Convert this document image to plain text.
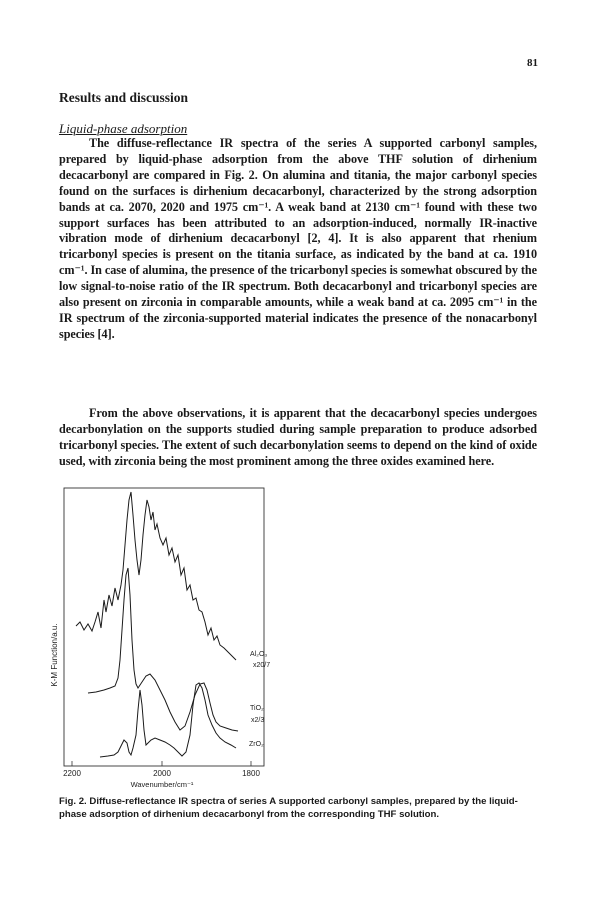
81
Results and discussion
Liquid-phase adsorption

The diffuse-reflectance IR spectra of the series A supported carbonyl samples, prepared by liquid-phase adsorption from the above THF solution of dirhenium decacarbonyl are compared in Fig. 2. On alumina and titania, the major carbonyl species found on the surfaces is dirhenium decacarbonyl, characterized by the strong adsorption bands at ca. 2070, 2020 and 1975 cm⁻¹. A weak band at 2130 cm⁻¹ found with these two support surfaces has been attributed to an adsorption-induced, normally IR-inactive vibration mode of dirhenium decacarbonyl [2, 4]. It is also apparent that rhenium tricarbonyl species is present on the titania surface, as indicated by the band at ca. 1910 cm⁻¹. In case of alumina, the presence of the tricarbonyl species is somewhat obscured by the low signal-to-noise ratio of the IR spectrum. Both decacarbonyl and tricarbonyl species are also present on zirconia in comparable amounts, while a weak band at ca. 2095 cm⁻¹ in the IR spectrum of the zirconia-supported material indicates the presence of the nonacarbonyl species [4].

From the above observations, it is apparent that the decacarbonyl species undergoes decarbonylation on the supports studied during sample preparation to produce adsorbed tricarbonyl species. The extent of such decarbonylation seems to depend on the kind of oxide used, with zirconia being the most prominent among the three oxides examined here.

2200	2000	1800
Wavenumber/cm⁻¹
K-M Function/a.u.	Al₂O₃
x20/7
TiO₂
x2/3
ZrO₂
Fig. 2. Diffuse-reflectance IR spectra of series A supported carbonyl samples, prepared by the liquid-phase adsorption of dirhenium decacarbonyl from the corresponding THF solution.
